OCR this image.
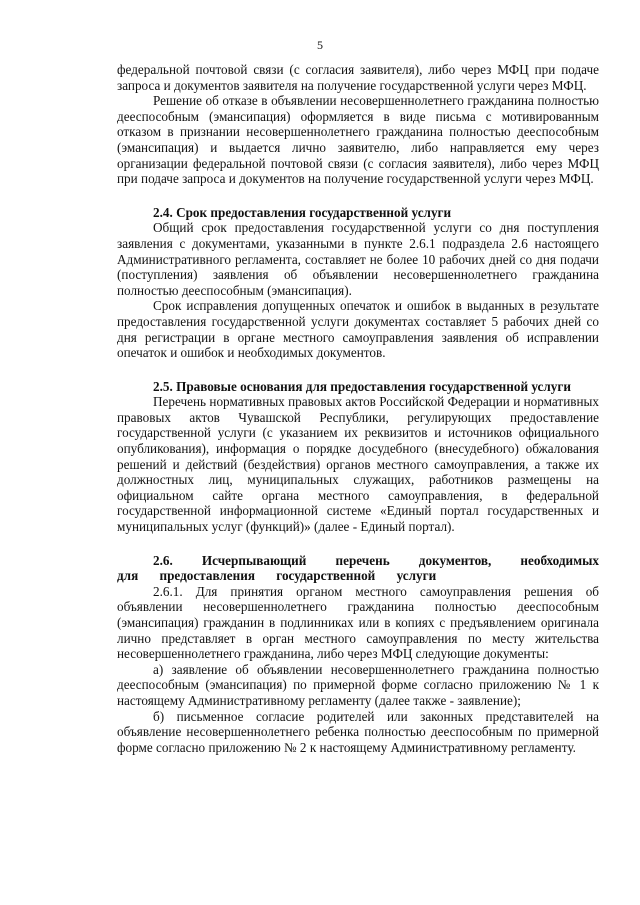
5

федеральной почтовой связи (с согласия заявителя), либо через МФЦ при подаче запроса и документов заявителя на получение государственной услуги через МФЦ.

Решение об отказе в объявлении несовершеннолетнего гражданина полностью дееспособным (эмансипация) оформляется в виде письма с мотивированным отказом в признании несовершеннолетнего гражданина полностью дееспособным (эмансипация) и выдается лично заявителю, либо направляется ему через организации федеральной почтовой связи (с согласия заявителя), либо через МФЦ при подаче запроса и документов на получение государственной услуги через МФЦ.

2.4. Срок предоставления государственной услуги

Общий срок предоставления государственной услуги со дня поступления заявления с документами, указанными в пункте 2.6.1 подраздела 2.6 настоящего Административного регламента, составляет не более 10 рабочих дней со дня подачи (поступления) заявления об объявлении несовершеннолетнего гражданина полностью дееспособным (эмансипация).

Срок исправления допущенных опечаток и ошибок в выданных в результате предоставления государственной услуги документах составляет 5 рабочих дней со дня регистрации в органе местного самоуправления заявления об исправлении опечаток и ошибок и необходимых документов.

2.5. Правовые основания для предоставления государственной услуги

Перечень нормативных правовых актов Российской Федерации и нормативных правовых актов Чувашской Республики, регулирующих предоставление государственной услуги (с указанием их реквизитов и источников официального опубликования), информация о порядке досудебного (внесудебного) обжалования решений и действий (бездействия) органов местного самоуправления, а также их должностных лиц, муниципальных служащих, работников размещены на официальном сайте органа местного самоуправления, в федеральной государственной информационной системе «Единый портал государственных и муниципальных услуг (функций)» (далее - Единый портал).

2.6. Исчерпывающий перечень документов, необходимых для предоставления государственной услуги

2.6.1. Для принятия органом местного самоуправления решения об объявлении несовершеннолетнего гражданина полностью дееспособным (эмансипация) гражданин в подлинниках или в копиях с предъявлением оригинала лично представляет в орган местного самоуправления по месту жительства несовершеннолетнего гражданина, либо через МФЦ следующие документы:

а) заявление об объявлении несовершеннолетнего гражданина полностью дееспособным (эмансипация) по примерной форме согласно приложению № 1 к настоящему Административному регламенту (далее также - заявление);

б) письменное согласие родителей или законных представителей на объявление несовершеннолетнего ребенка полностью дееспособным по примерной форме согласно приложению № 2 к настоящему Административному регламенту.
